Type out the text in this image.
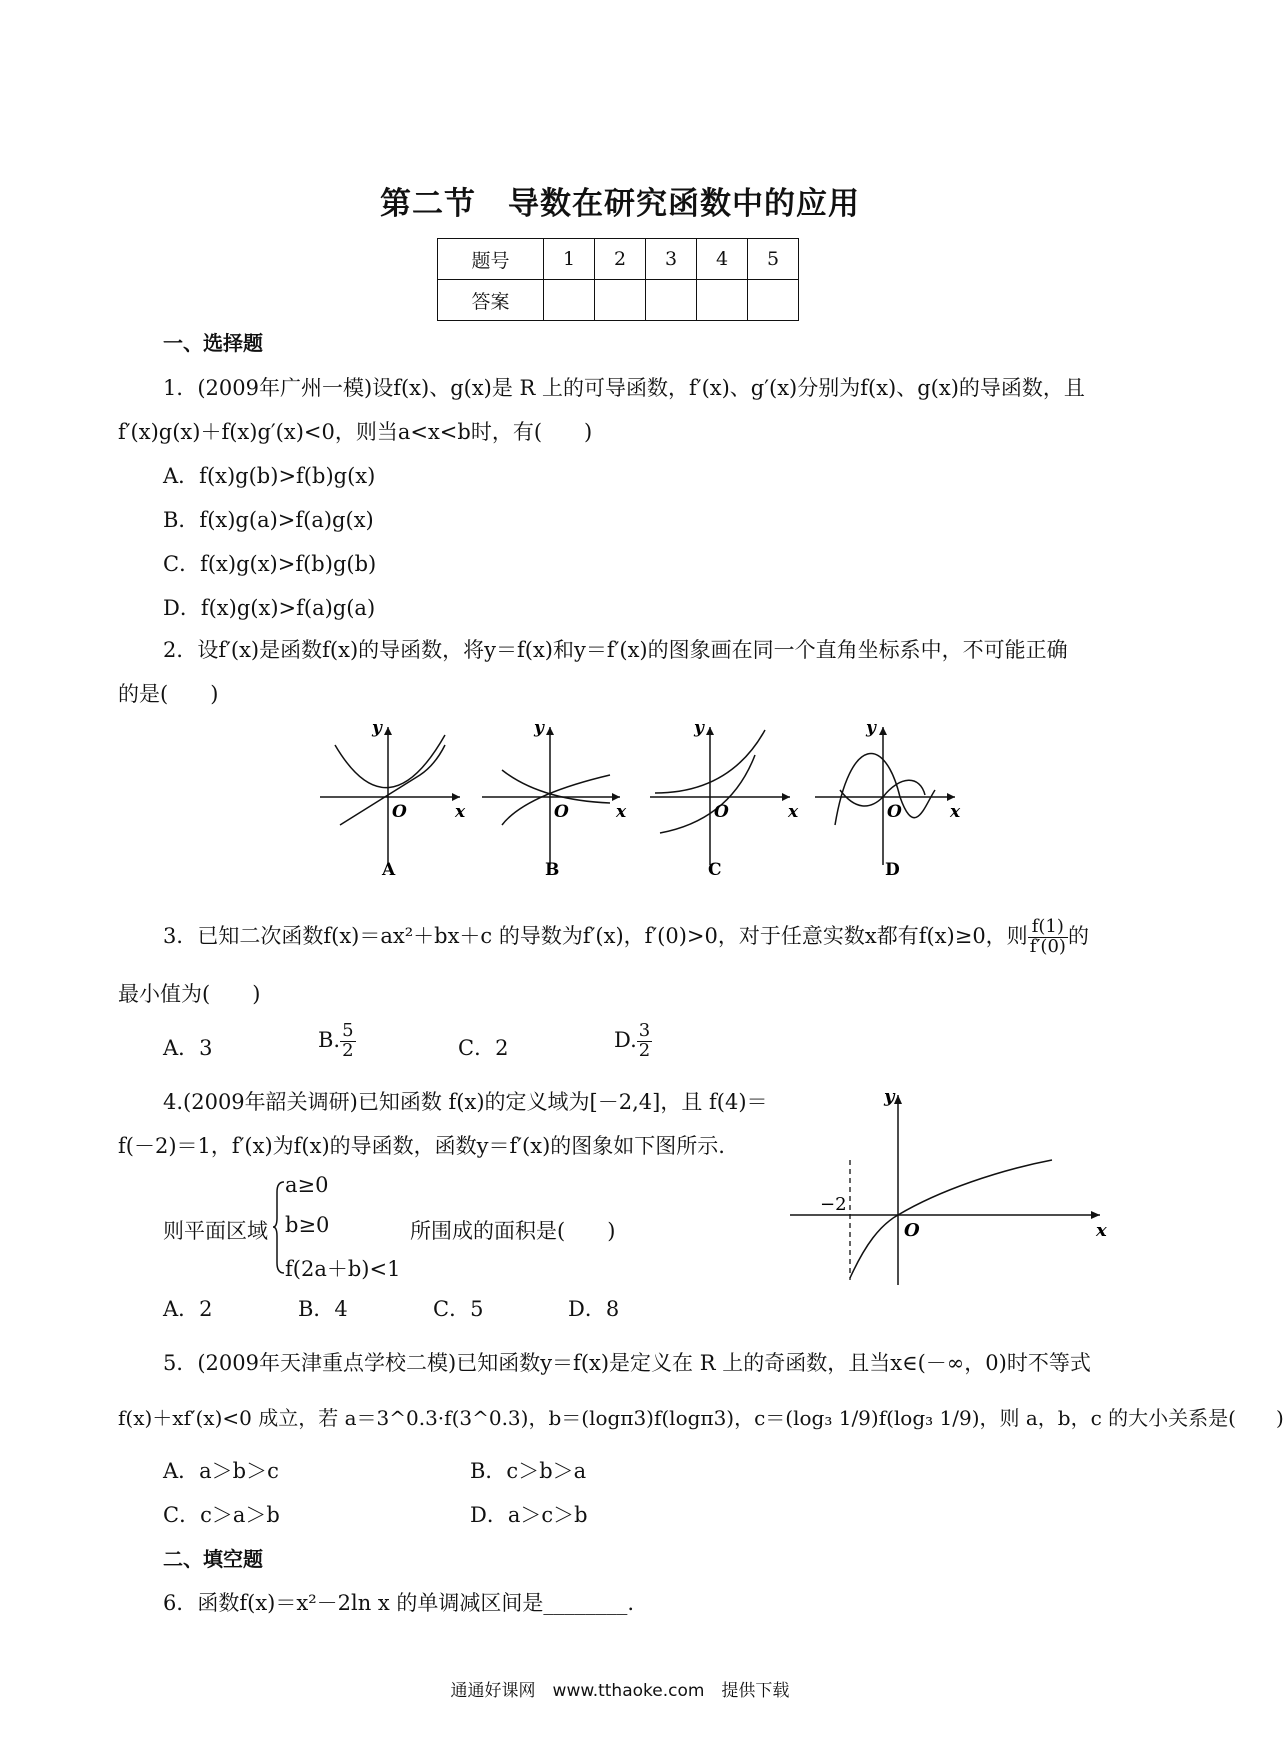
第二节　导数在研究函数中的应用
题号	1	2	3	4	5
答案					
一、选择题
1．(2009年广州一模)设f(x)、g(x)是 R 上的可导函数，f′(x)、g′(x)分别为f(x)、g(x)的导函数，且
f′(x)g(x)＋f(x)g′(x)<0，则当a<x<b时，有(　　)
A．f(x)g(b)>f(b)g(x)
B．f(x)g(a)>f(a)g(x)
C．f(x)g(x)>f(b)g(b)
D．f(x)g(x)>f(a)g(a)
2．设f′(x)是函数f(x)的导函数，将y＝f(x)和y＝f′(x)的图象画在同一个直角坐标系中，不可能正确
的是(　　)
y
x
O
A
y
x
O
B
y
x
O
C
y
x
O
D
3．已知二次函数f(x)＝ax²＋bx＋c 的导数为f′(x)，f′(0)>0，对于任意实数x都有f(x)≥0，则 $\frac{f(1)}{f'(0)}$ 的
最小值为(　　)
A．3	B. $\frac{5}{2}$	C．2	D. $\frac{3}{2}$
4.(2009年韶关调研)已知函数 f(x)的定义域为[－2,4]，且 f(4)＝
f(－2)＝1，f′(x)为f(x)的导函数，函数y＝f′(x)的图象如下图所示.
则平面区域
a≥0
b≥0
f(2a＋b)<1
所围成的面积是(　　)
A．2	B．4	C．5	D．8
−2
y
x
O
5．(2009年天津重点学校二模)已知函数y＝f(x)是定义在 R 上的奇函数，且当x∈(－∞，0)时不等式
f(x)＋xf′(x)<0 成立，若 a＝3^0.3·f(3^0.3)，b＝(logπ3)f(logπ3)，c＝(log₃ 1/9)f(log₃ 1/9)，则 a，b，c 的大小关系是(　　)
A．a＞b＞c	B．c＞b＞a
C．c＞a＞b	D．a＞c＞b
二、填空题
6．函数f(x)＝x²－2ln x 的单调减区间是________.
通通好课网　www.tthaoke.com　提供下载
